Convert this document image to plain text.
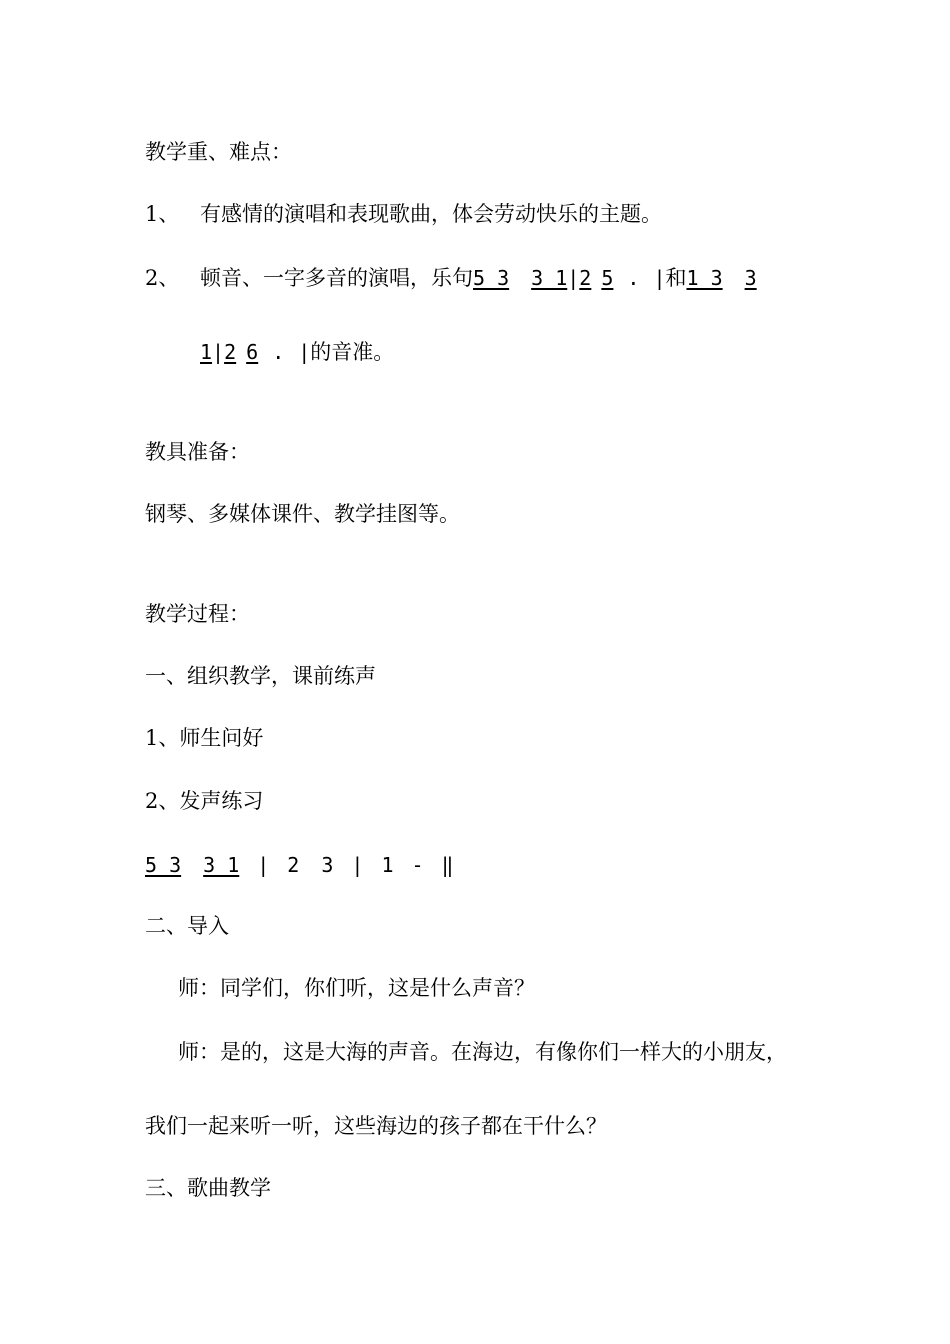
教学重、难点：
1、 有感情的演唱和表现歌曲，体会劳动快乐的主题。
2、 顿音、一字多音的演唱，乐句5 3 3 1|2 5 . |和1 3 3
1|2 6 . |的音准。
教具准备：
钢琴、多媒体课件、教学挂图等。
教学过程：
一、组织教学，课前练声
1、师生问好
2、发声练习
5 3 3 1 | 2 3 | 1 - ‖
二、导入
师：同学们，你们听，这是什么声音？
师：是的，这是大海的声音。在海边，有像你们一样大的小朋友，
我们一起来听一听，这些海边的孩子都在干什么？
三、歌曲教学
